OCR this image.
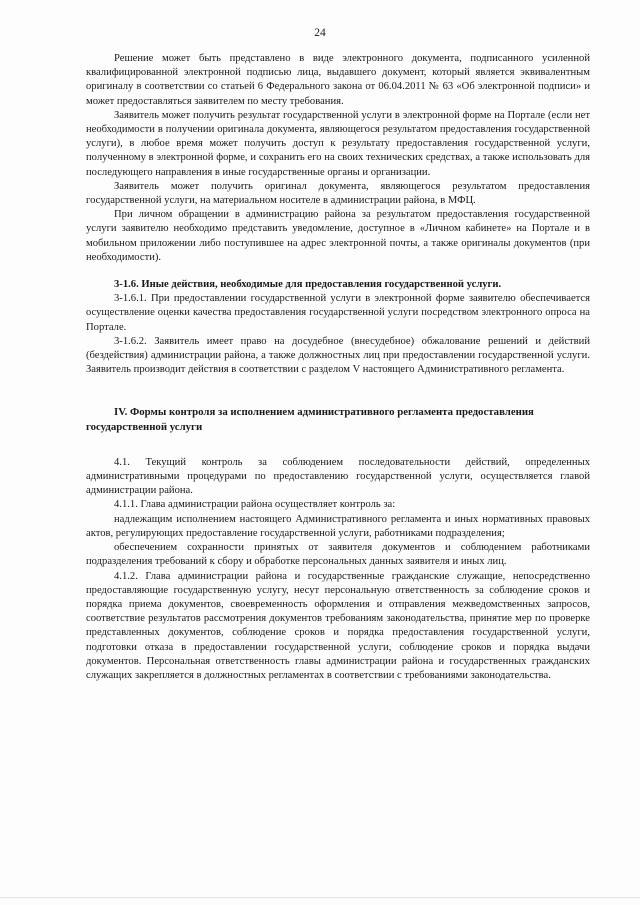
24

Решение может быть представлено в виде электронного документа, подписанного усиленной квалифицированной электронной подписью лица, выдавшего документ, который является эквивалентным оригиналу в соответствии со статьей 6 Федерального закона от 06.04.2011 № 63 «Об электронной подписи» и может предоставляться заявителем по месту требования.

Заявитель может получить результат государственной услуги в электронной форме на Портале (если нет необходимости в получении оригинала документа, являющегося результатом предоставления государственной услуги), в любое время может получить доступ к результату предоставления государственной услуги, полученному в электронной форме, и сохранить его на своих технических средствах, а также использовать для последующего направления в иные государственные органы и организации.

Заявитель может получить оригинал документа, являющегося результатом предоставления государственной услуги, на материальном носителе в администрации района, в МФЦ.

При личном обращении в администрацию района за результатом предоставления государственной услуги заявителю необходимо представить уведомление, доступное в «Личном кабинете» на Портале и в мобильном приложении либо поступившее на адрес электронной почты, а также оригиналы документов (при необходимости).

3-1.6. Иные действия, необходимые для предоставления государственной услуги.

3-1.6.1. При предоставлении государственной услуги в электронной форме заявителю обеспечивается осуществление оценки качества предоставления государственной услуги посредством электронного опроса на Портале.

3-1.6.2. Заявитель имеет право на досудебное (внесудебное) обжалование решений и действий (бездействия) администрации района, а также должностных лиц при предоставлении государственной услуги. Заявитель производит действия в соответствии с разделом V настоящего Административного регламента.

IV. Формы контроля за исполнением административного регламента предоставления
государственной услуги

4.1. Текущий контроль за соблюдением последовательности действий, определенных административными процедурами по предоставлению государственной услуги, осуществляется главой администрации района.

4.1.1. Глава администрации района осуществляет контроль за:

надлежащим исполнением настоящего Административного регламента и иных нормативных правовых актов, регулирующих предоставление государственной услуги, работниками подразделения;

обеспечением сохранности принятых от заявителя документов и соблюдением работниками подразделения требований к сбору и обработке персональных данных заявителя и иных лиц.

4.1.2. Глава администрации района и государственные гражданские служащие, непосредственно предоставляющие государственную услугу, несут персональную ответственность за соблюдение сроков и порядка приема документов, своевременность оформления и отправления межведомственных запросов, соответствие результатов рассмотрения документов требованиям законодательства, принятие мер по проверке представленных документов, соблюдение сроков и порядка предоставления государственной услуги, подготовки отказа в предоставлении государственной услуги, соблюдение сроков и порядка выдачи документов. Персональная ответственность главы администрации района и государственных гражданских служащих закрепляется в должностных регламентах в соответствии с требованиями законодательства.
